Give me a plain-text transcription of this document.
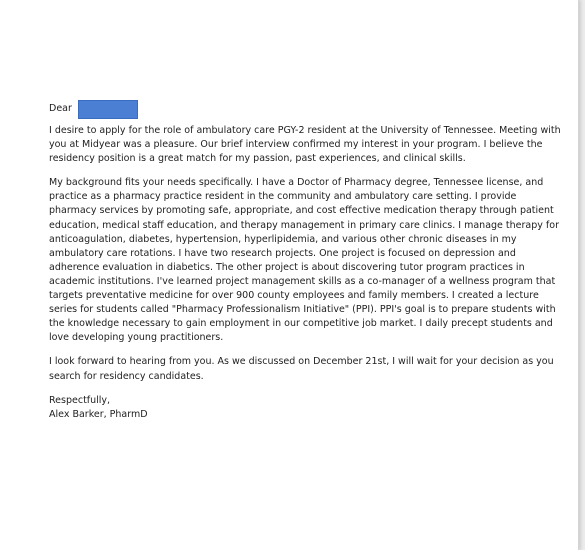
Dear

I desire to apply for the role of ambulatory care PGY-2 resident at the University of Tennessee. Meeting with you at Midyear was a pleasure. Our brief interview confirmed my interest in your program. I believe the residency position is a great match for my passion, past experiences, and clinical skills.

My background fits your needs specifically. I have a Doctor of Pharmacy degree, Tennessee license, and practice as a pharmacy practice resident in the community and ambulatory care setting. I provide pharmacy services by promoting safe, appropriate, and cost effective medication therapy through patient education, medical staff education, and therapy management in primary care clinics. I manage therapy for anticoagulation, diabetes, hypertension, hyperlipidemia, and various other chronic diseases in my ambulatory care rotations. I have two research projects. One project is focused on depression and adherence evaluation in diabetics. The other project is about discovering tutor program practices in academic institutions. I've learned project management skills as a co-manager of a wellness program that targets preventative medicine for over 900 county employees and family members. I created a lecture series for students called "Pharmacy Professionalism Initiative" (PPI). PPI's goal is to prepare students with the knowledge necessary to gain employment in our competitive job market. I daily precept students and love developing young practitioners.

I look forward to hearing from you. As we discussed on December 21st, I will wait for your decision as you search for residency candidates.

Respectfully,
Alex Barker, PharmD
